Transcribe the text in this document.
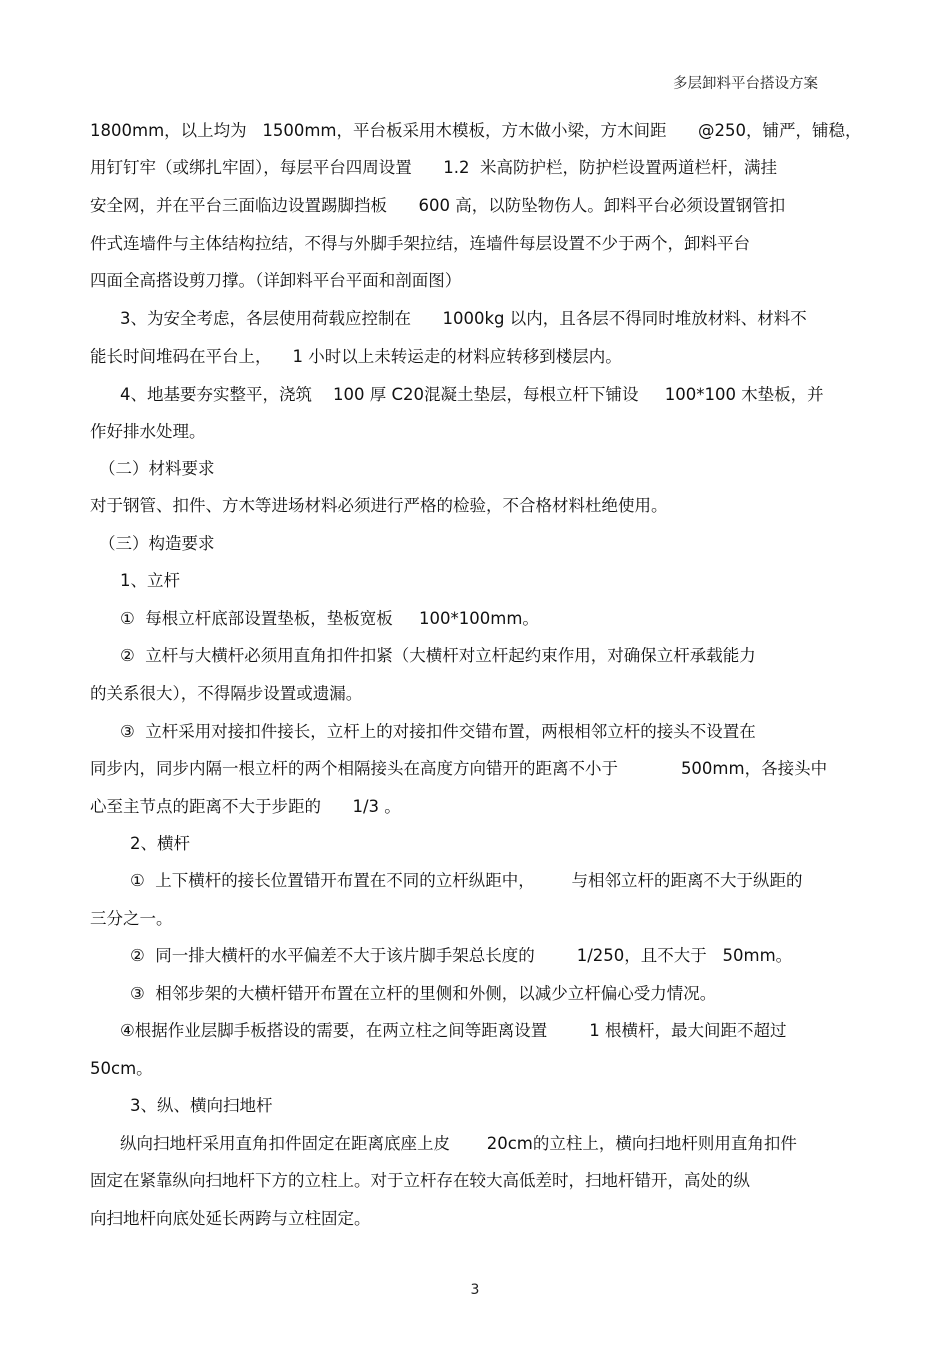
多层卸料平台搭设方案
1800mm，以上均为   1500mm，平台板采用木模板，方木做小梁，方木间距      @250，铺严，铺稳，
用钉钉牢（或绑扎牢固），每层平台四周设置      1.2  米高防护栏，防护栏设置两道栏杆，满挂
安全网，并在平台三面临边设置踢脚挡板      600 高，以防坠物伤人。卸料平台必须设置钢管扣
件式连墙件与主体结构拉结，不得与外脚手架拉结，连墙件每层设置不少于两个，卸料平台
四面全高搭设剪刀撑。（详卸料平台平面和剖面图）
3、为安全考虑，各层使用荷载应控制在      1000kg 以内，且各层不得同时堆放材料、材料不
能长时间堆码在平台上，    1 小时以上未转运走的材料应转移到楼层内。
4、地基要夯实整平，浇筑    100 厚 C20混凝土垫层，每根立杆下铺设     100*100 木垫板，并
作好排水处理。
（二）材料要求
对于钢管、扣件、方木等进场材料必须进行严格的检验，不合格材料杜绝使用。
（三）构造要求
1、立杆
①  每根立杆底部设置垫板，垫板宽板     100*100mm。
②  立杆与大横杆必须用直角扣件扣紧（大横杆对立杆起约束作用，对确保立杆承载能力
的关系很大），不得隔步设置或遗漏。
③  立杆采用对接扣件接长，立杆上的对接扣件交错布置，两根相邻立杆的接头不设置在
同步内，同步内隔一根立杆的两个相隔接头在高度方向错开的距离不小于            500mm，各接头中
心至主节点的距离不大于步距的      1/3 。
2、横杆
①  上下横杆的接长位置错开布置在不同的立杆纵距中，       与相邻立杆的距离不大于纵距的
三分之一。
②  同一排大横杆的水平偏差不大于该片脚手架总长度的        1/250，且不大于   50mm。
③  相邻步架的大横杆错开布置在立杆的里侧和外侧，以减少立杆偏心受力情况。
④根据作业层脚手板搭设的需要，在两立柱之间等距离设置        1 根横杆，最大间距不超过
50cm。
3、纵、横向扫地杆
纵向扫地杆采用直角扣件固定在距离底座上皮       20cm的立柱上，横向扫地杆则用直角扣件
固定在紧靠纵向扫地杆下方的立柱上。对于立杆存在较大高低差时，扫地杆错开，高处的纵
向扫地杆向底处延长两跨与立柱固定。
3
